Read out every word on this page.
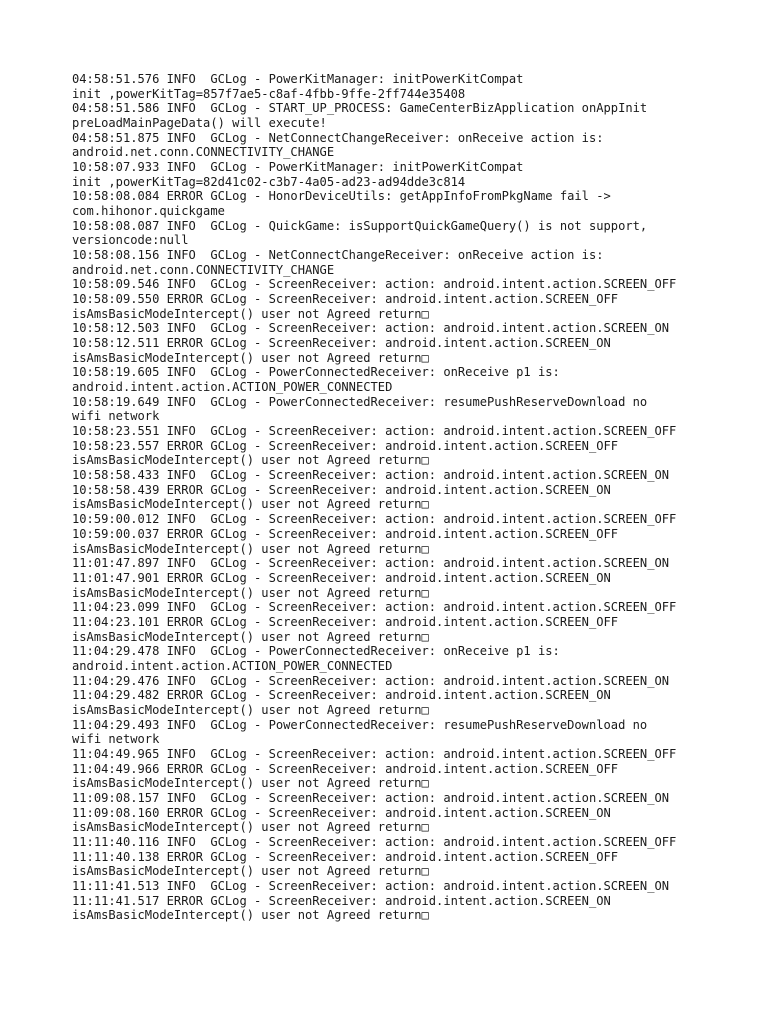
04:58:51.576 INFO  GCLog - PowerKitManager: initPowerKitCompat
init ,powerKitTag=857f7ae5-c8af-4fbb-9ffe-2ff744e35408
04:58:51.586 INFO  GCLog - START_UP_PROCESS: GameCenterBizApplication onAppInit
preLoadMainPageData() will execute!
04:58:51.875 INFO  GCLog - NetConnectChangeReceiver: onReceive action is:
android.net.conn.CONNECTIVITY_CHANGE
10:58:07.933 INFO  GCLog - PowerKitManager: initPowerKitCompat
init ,powerKitTag=82d41c02-c3b7-4a05-ad23-ad94dde3c814
10:58:08.084 ERROR GCLog - HonorDeviceUtils: getAppInfoFromPkgName fail ->
com.hihonor.quickgame
10:58:08.087 INFO  GCLog - QuickGame: isSupportQuickGameQuery() is not support,
versioncode:null
10:58:08.156 INFO  GCLog - NetConnectChangeReceiver: onReceive action is:
android.net.conn.CONNECTIVITY_CHANGE
10:58:09.546 INFO  GCLog - ScreenReceiver: action: android.intent.action.SCREEN_OFF
10:58:09.550 ERROR GCLog - ScreenReceiver: android.intent.action.SCREEN_OFF
isAmsBasicModeIntercept() user not Agreed return□
10:58:12.503 INFO  GCLog - ScreenReceiver: action: android.intent.action.SCREEN_ON
10:58:12.511 ERROR GCLog - ScreenReceiver: android.intent.action.SCREEN_ON
isAmsBasicModeIntercept() user not Agreed return□
10:58:19.605 INFO  GCLog - PowerConnectedReceiver: onReceive p1 is:
android.intent.action.ACTION_POWER_CONNECTED
10:58:19.649 INFO  GCLog - PowerConnectedReceiver: resumePushReserveDownload no
wifi network
10:58:23.551 INFO  GCLog - ScreenReceiver: action: android.intent.action.SCREEN_OFF
10:58:23.557 ERROR GCLog - ScreenReceiver: android.intent.action.SCREEN_OFF
isAmsBasicModeIntercept() user not Agreed return□
10:58:58.433 INFO  GCLog - ScreenReceiver: action: android.intent.action.SCREEN_ON
10:58:58.439 ERROR GCLog - ScreenReceiver: android.intent.action.SCREEN_ON
isAmsBasicModeIntercept() user not Agreed return□
10:59:00.012 INFO  GCLog - ScreenReceiver: action: android.intent.action.SCREEN_OFF
10:59:00.037 ERROR GCLog - ScreenReceiver: android.intent.action.SCREEN_OFF
isAmsBasicModeIntercept() user not Agreed return□
11:01:47.897 INFO  GCLog - ScreenReceiver: action: android.intent.action.SCREEN_ON
11:01:47.901 ERROR GCLog - ScreenReceiver: android.intent.action.SCREEN_ON
isAmsBasicModeIntercept() user not Agreed return□
11:04:23.099 INFO  GCLog - ScreenReceiver: action: android.intent.action.SCREEN_OFF
11:04:23.101 ERROR GCLog - ScreenReceiver: android.intent.action.SCREEN_OFF
isAmsBasicModeIntercept() user not Agreed return□
11:04:29.478 INFO  GCLog - PowerConnectedReceiver: onReceive p1 is:
android.intent.action.ACTION_POWER_CONNECTED
11:04:29.476 INFO  GCLog - ScreenReceiver: action: android.intent.action.SCREEN_ON
11:04:29.482 ERROR GCLog - ScreenReceiver: android.intent.action.SCREEN_ON
isAmsBasicModeIntercept() user not Agreed return□
11:04:29.493 INFO  GCLog - PowerConnectedReceiver: resumePushReserveDownload no
wifi network
11:04:49.965 INFO  GCLog - ScreenReceiver: action: android.intent.action.SCREEN_OFF
11:04:49.966 ERROR GCLog - ScreenReceiver: android.intent.action.SCREEN_OFF
isAmsBasicModeIntercept() user not Agreed return□
11:09:08.157 INFO  GCLog - ScreenReceiver: action: android.intent.action.SCREEN_ON
11:09:08.160 ERROR GCLog - ScreenReceiver: android.intent.action.SCREEN_ON
isAmsBasicModeIntercept() user not Agreed return□
11:11:40.116 INFO  GCLog - ScreenReceiver: action: android.intent.action.SCREEN_OFF
11:11:40.138 ERROR GCLog - ScreenReceiver: android.intent.action.SCREEN_OFF
isAmsBasicModeIntercept() user not Agreed return□
11:11:41.513 INFO  GCLog - ScreenReceiver: action: android.intent.action.SCREEN_ON
11:11:41.517 ERROR GCLog - ScreenReceiver: android.intent.action.SCREEN_ON
isAmsBasicModeIntercept() user not Agreed return□
